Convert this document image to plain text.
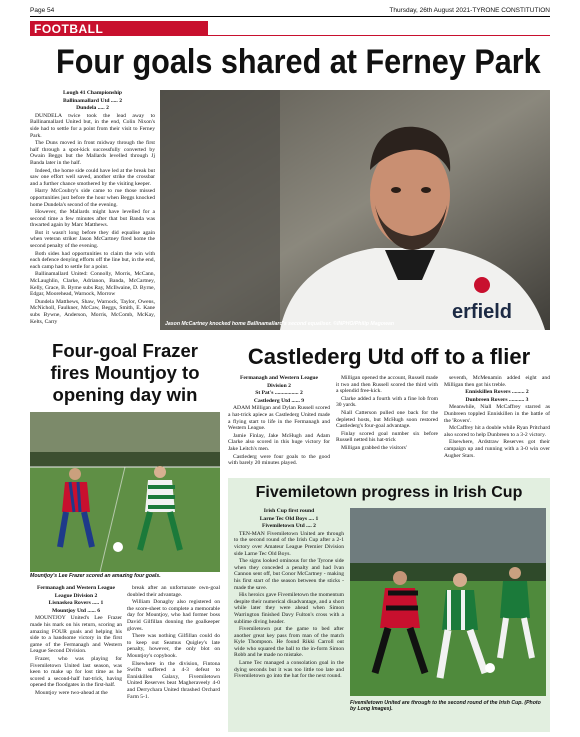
Page 54	Thursday, 26th August 2021-TYRONE CONSTITUTION
FOOTBALL
Four goals shared at Ferney Park

Lough 41 Championship

Ballinamallard Utd ..... 2

Dundela ..... 2

DUNDELA twice took the lead away to Ballinamallard United but, in the end, Colin Nixon's side had to settle for a point from their visit to Ferney Park.

The Duns moved in front midway through the first half through a spot-kick successfully converted by Owain Beggs but the Mallards levelled through Jj Banda later in the half.

Indeed, the home side could have led at the break but saw one effort well saved, another strike the crossbar and a further chance smothered by the visiting keeper.

Harry McCoubry's side came to rue those missed opportunities just before the hour when Beggs knocked home Dundela's second of the evening.

However, the Mallards might have levelled for a second time a few minutes after that but Banda was thwarted again by Marc Matthews.

But it wasn't long before they did equalise again when veteran striker Jason McCartney fired home the second penalty of the evening.

Both sides had opportunities to claim the win with each defence denying efforts off the line but, in the end, each camp had to settle for a point.

Ballinamallard United: Connolly, Morris, McCann, McLaughlin, Clarke, Adrianon, Banda, McCartney, Kelly, Grace, B. Byrne subs Ray, McIlwaine, D. Byrne, Edgar, Moorehead, Warnock, Morrow

Dundela Matthews, Shaw, Warnock, Taylor, Owens, McNicholl, Faulkner, McCaw, Beggs, Smith, E. Kane subs Bywne, Anderson, Morris, McComb, McKay, Kelts, Carry	erfield
Jason McCartney knocked home Ballinamallard's second equaliser. ©INPHO/Philip Magowan
Four-goal Frazer fires Mountjoy to opening day win
Mountjoy's Lee Frazer scored an amazing four goals.

Fermanagh and Western League

League Division 2

Lisnaskea Rovers ..... 1

Mountjoy Utd ...... 6

MOUNTJOY United's Lee Frazer made his mark on his return, scoring an amazing FOUR goals and helping his side to a handsome victory in the first game of the Fermanagh and Western League Second Division.

Frazer, who was playing for Fivemiletown United last season, was keen to make up for lost time as he scored a second-half hat-trick, having opened the floodgates in the first-half.

Mountjoy were two-ahead at the

break after an unfortunate own-goal doubled their advantage.

William Donaghy also registered on the score-sheet to complete a memorable day for Mountjoy, who had former boss David Gilfillan donning the goalkeeper gloves.

There was nothing Gilfillan could do to keep out Seamus Quigley's late penalty, however, the only blot on Mountjoy's copybook.

Elsewhere in the division, Fintona Swifts suffered a 4-3 defeat to Enniskillen Galaxy, Fivemiletown United Reserves beat Magheraveely 4-0 and Derrychara United thrashed Orchard Farm 5-1.

Castlederg Utd off to a flier

Fermanagh and Western League

Division 2

St Pat's ................. 2

Castlederg Utd ...... 9

ADAM Milligan and Dylan Russell scored a hat-trick apiece as Castlederg United made a flying start to life in the Fermanagh and Western League.

Jamie Finlay, Jake McHugh and Adam Clarke also scored in this huge victory for Jake Leitch's men.

Castlederg were four goals to the good with barely 20 minutes played.

Milligan opened the account, Russell made it two and then Russell scored the third with a splendid free-kick.

Clarke added a fourth with a fine lob from 30 yards.

Niall Catterson pulled one back for the depleted hosts, but McHugh soon restored Castlederg's four-goal advantage.

Finlay scored goal number six before Russell netted his hat-trick

Milligan grabbed the visitors'

seventh, McMenamin added eight and Milligan then got his treble.

Enniskillen Rovers ......... 2

Dunbreen Rovers ........... 3

Meanwhile, Niall McCaffrey starred as Dunbreen toppled Enniskillen in the battle of the 'Rovers'.

McCaffrey hit a double while Ryan Pritchard also scored to help Dunbreen to a 3-2 victory.

Elsewhere, Ardstraw Reserves got their campaign up and running with a 3-0 win over Augher Stars.

Fivemiletown progress in Irish Cup

Irish Cup first round

Larne Tec Old Boys .... 1

Fivemiletown Utd .... 2

TEN-MAN Fivemiletown United are through to the second round of the Irish Cup after a 2-1 victory over Amateur League Premier Division side Larne Tec Old Boys.

The signs looked ominous for the Tyrone side when they conceded a penalty and had Ivan Cannon sent off, but Conor McCartney - making his first start of the season between the sticks - made the save.

His heroics gave Fivemiletown the momentum despite their numerical disadvantage, and a short while later they were ahead when Simon Warrington finished Davy Fulton's cross with a sublime diving header.

Fivemiletown put the game to bed after another great key pass from man of the match Kyle Thompson. He found Rikki Carroll out wide who squared the ball to the in-form Simon Robb and he made no mistake.

Larne Tec managed a consolation goal in the dying seconds but it was too little too late and Fivemiletown go into the hat for the next round.

Fivemiletown United are through to the second round of the Irish Cup. (Photo by Long Images).
